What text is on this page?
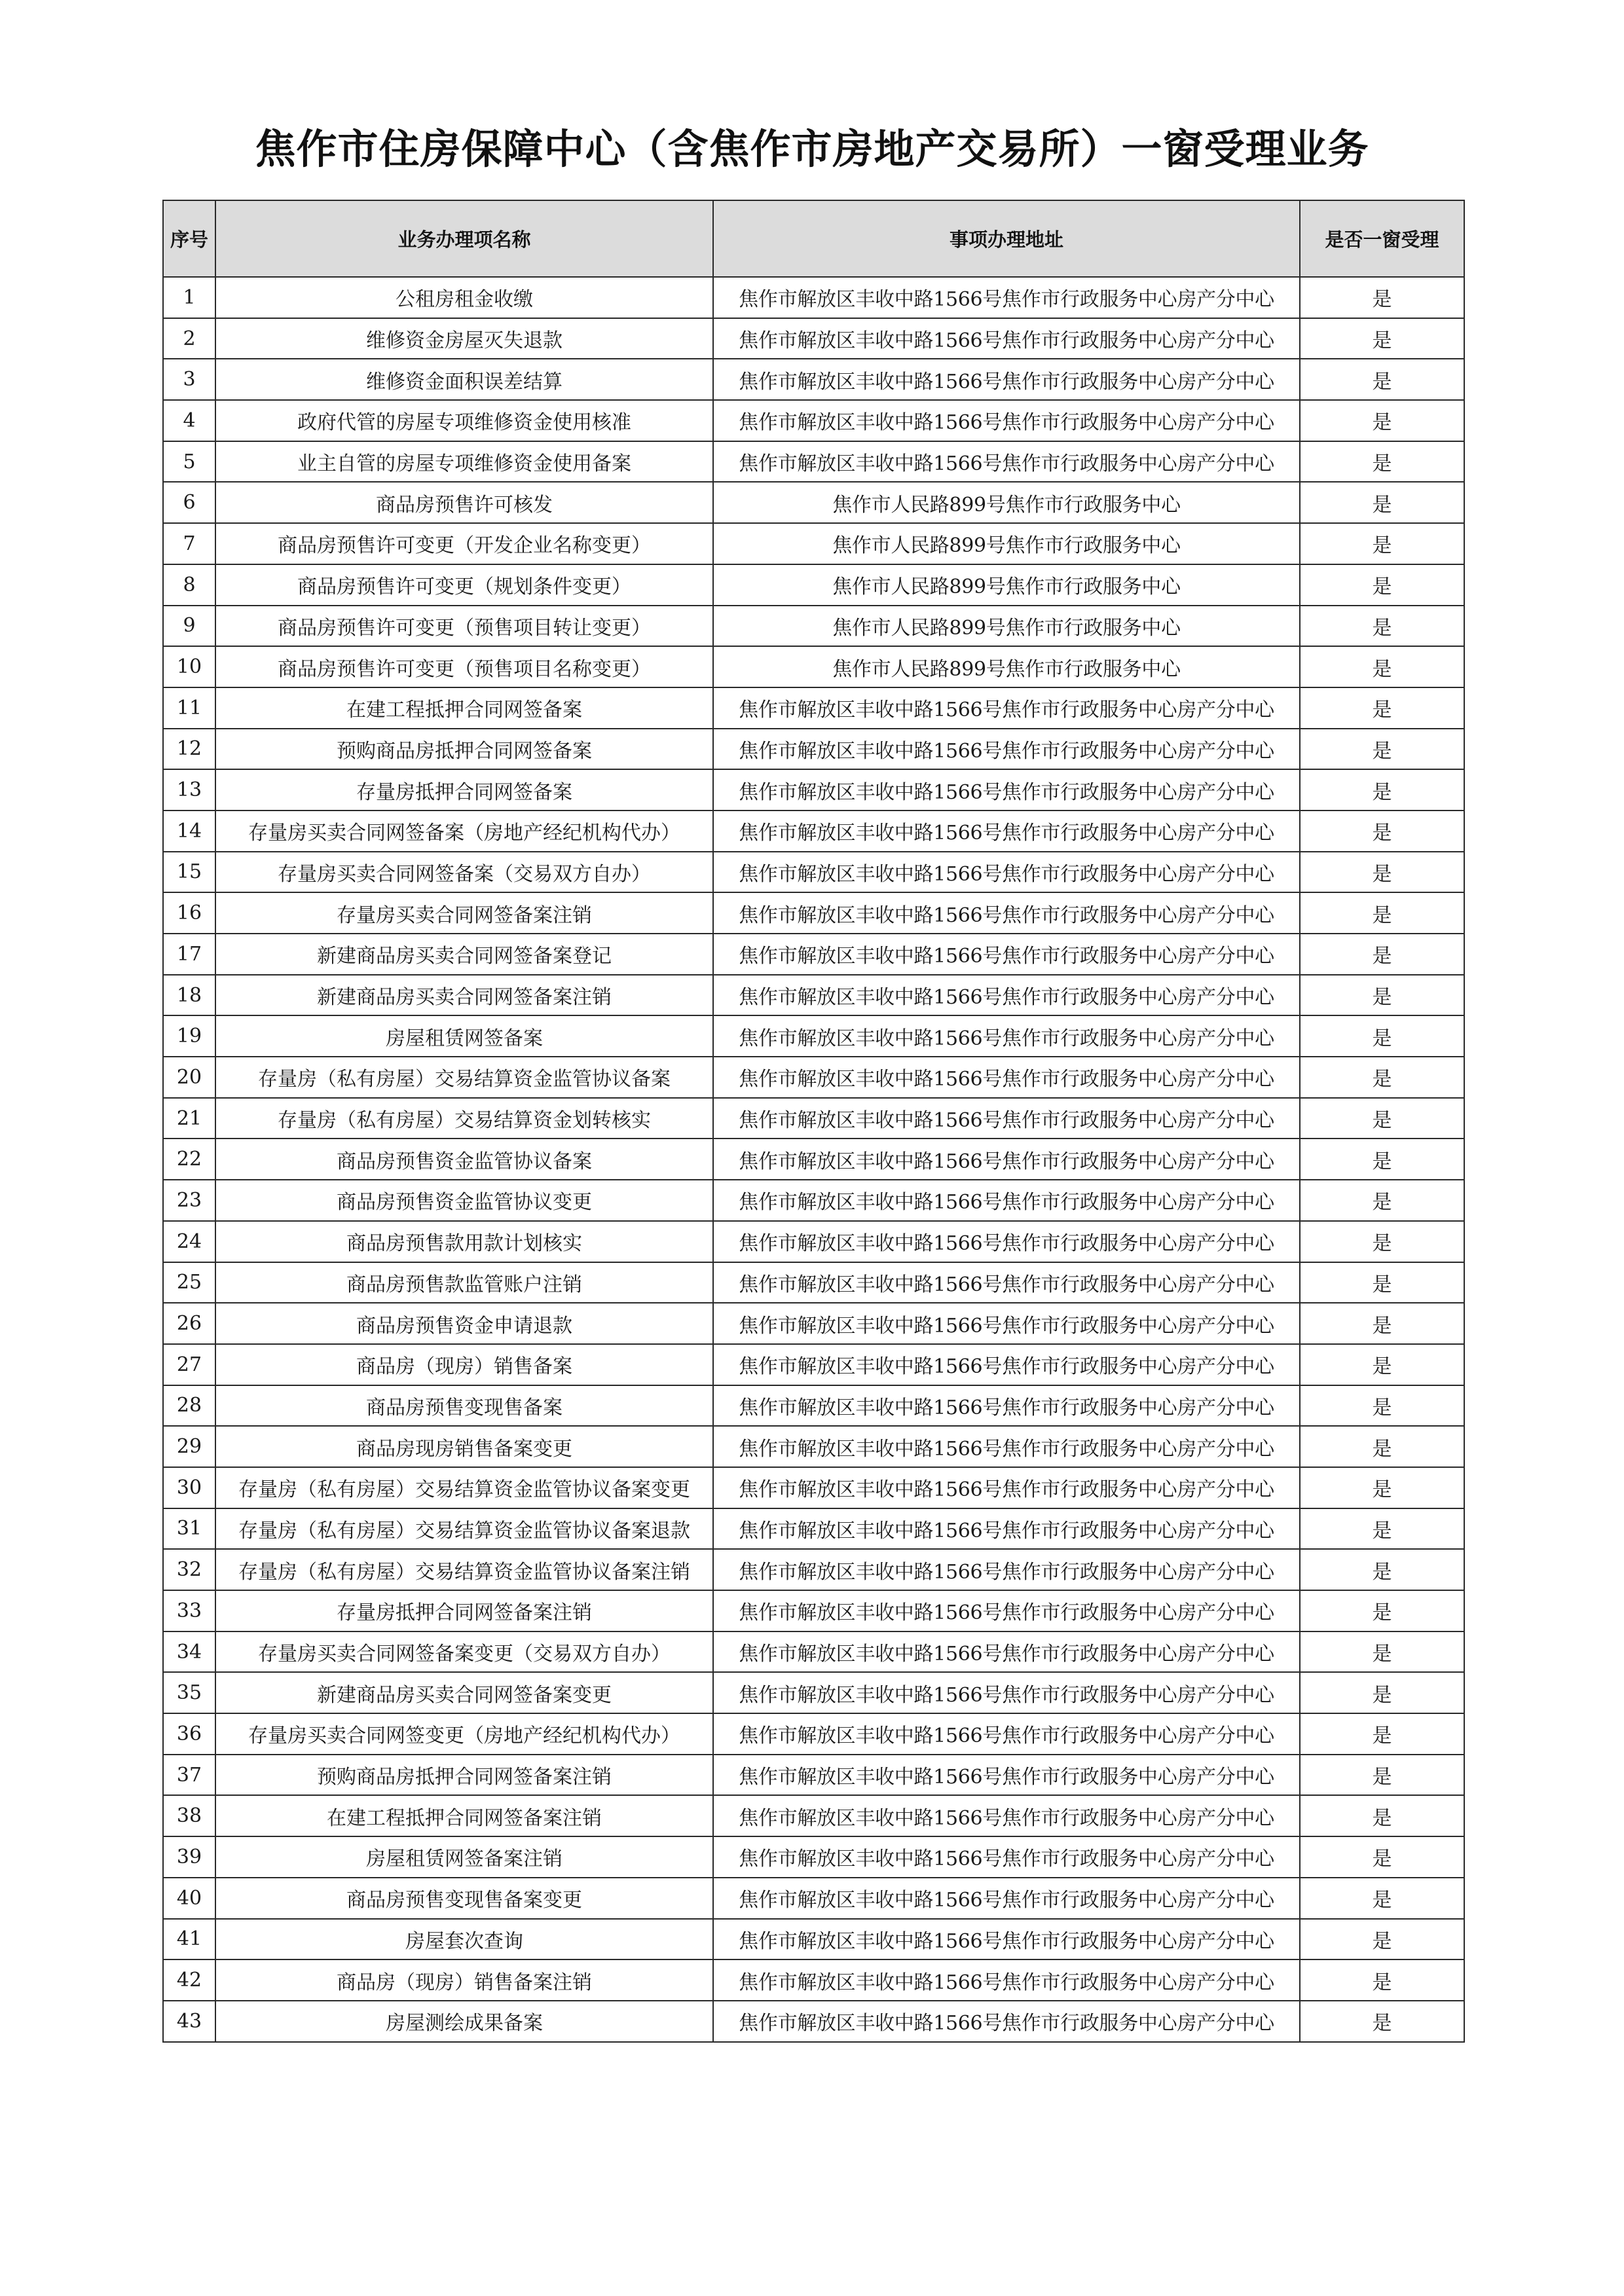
焦作市住房保障中心（含焦作市房地产交易所）一窗受理业务
序号	业务办理项名称	事项办理地址	是否一窗受理
1	公租房租金收缴	焦作市解放区丰收中路1566号焦作市行政服务中心房产分中心	是
2	维修资金房屋灭失退款	焦作市解放区丰收中路1566号焦作市行政服务中心房产分中心	是
3	维修资金面积误差结算	焦作市解放区丰收中路1566号焦作市行政服务中心房产分中心	是
4	政府代管的房屋专项维修资金使用核准	焦作市解放区丰收中路1566号焦作市行政服务中心房产分中心	是
5	业主自管的房屋专项维修资金使用备案	焦作市解放区丰收中路1566号焦作市行政服务中心房产分中心	是
6	商品房预售许可核发	焦作市人民路899号焦作市行政服务中心	是
7	商品房预售许可变更（开发企业名称变更）	焦作市人民路899号焦作市行政服务中心	是
8	商品房预售许可变更（规划条件变更）	焦作市人民路899号焦作市行政服务中心	是
9	商品房预售许可变更（预售项目转让变更）	焦作市人民路899号焦作市行政服务中心	是
10	商品房预售许可变更（预售项目名称变更）	焦作市人民路899号焦作市行政服务中心	是
11	在建工程抵押合同网签备案	焦作市解放区丰收中路1566号焦作市行政服务中心房产分中心	是
12	预购商品房抵押合同网签备案	焦作市解放区丰收中路1566号焦作市行政服务中心房产分中心	是
13	存量房抵押合同网签备案	焦作市解放区丰收中路1566号焦作市行政服务中心房产分中心	是
14	存量房买卖合同网签备案（房地产经纪机构代办）	焦作市解放区丰收中路1566号焦作市行政服务中心房产分中心	是
15	存量房买卖合同网签备案（交易双方自办）	焦作市解放区丰收中路1566号焦作市行政服务中心房产分中心	是
16	存量房买卖合同网签备案注销	焦作市解放区丰收中路1566号焦作市行政服务中心房产分中心	是
17	新建商品房买卖合同网签备案登记	焦作市解放区丰收中路1566号焦作市行政服务中心房产分中心	是
18	新建商品房买卖合同网签备案注销	焦作市解放区丰收中路1566号焦作市行政服务中心房产分中心	是
19	房屋租赁网签备案	焦作市解放区丰收中路1566号焦作市行政服务中心房产分中心	是
20	存量房（私有房屋）交易结算资金监管协议备案	焦作市解放区丰收中路1566号焦作市行政服务中心房产分中心	是
21	存量房（私有房屋）交易结算资金划转核实	焦作市解放区丰收中路1566号焦作市行政服务中心房产分中心	是
22	商品房预售资金监管协议备案	焦作市解放区丰收中路1566号焦作市行政服务中心房产分中心	是
23	商品房预售资金监管协议变更	焦作市解放区丰收中路1566号焦作市行政服务中心房产分中心	是
24	商品房预售款用款计划核实	焦作市解放区丰收中路1566号焦作市行政服务中心房产分中心	是
25	商品房预售款监管账户注销	焦作市解放区丰收中路1566号焦作市行政服务中心房产分中心	是
26	商品房预售资金申请退款	焦作市解放区丰收中路1566号焦作市行政服务中心房产分中心	是
27	商品房（现房）销售备案	焦作市解放区丰收中路1566号焦作市行政服务中心房产分中心	是
28	商品房预售变现售备案	焦作市解放区丰收中路1566号焦作市行政服务中心房产分中心	是
29	商品房现房销售备案变更	焦作市解放区丰收中路1566号焦作市行政服务中心房产分中心	是
30	存量房（私有房屋）交易结算资金监管协议备案变更	焦作市解放区丰收中路1566号焦作市行政服务中心房产分中心	是
31	存量房（私有房屋）交易结算资金监管协议备案退款	焦作市解放区丰收中路1566号焦作市行政服务中心房产分中心	是
32	存量房（私有房屋）交易结算资金监管协议备案注销	焦作市解放区丰收中路1566号焦作市行政服务中心房产分中心	是
33	存量房抵押合同网签备案注销	焦作市解放区丰收中路1566号焦作市行政服务中心房产分中心	是
34	存量房买卖合同网签备案变更（交易双方自办）	焦作市解放区丰收中路1566号焦作市行政服务中心房产分中心	是
35	新建商品房买卖合同网签备案变更	焦作市解放区丰收中路1566号焦作市行政服务中心房产分中心	是
36	存量房买卖合同网签变更（房地产经纪机构代办）	焦作市解放区丰收中路1566号焦作市行政服务中心房产分中心	是
37	预购商品房抵押合同网签备案注销	焦作市解放区丰收中路1566号焦作市行政服务中心房产分中心	是
38	在建工程抵押合同网签备案注销	焦作市解放区丰收中路1566号焦作市行政服务中心房产分中心	是
39	房屋租赁网签备案注销	焦作市解放区丰收中路1566号焦作市行政服务中心房产分中心	是
40	商品房预售变现售备案变更	焦作市解放区丰收中路1566号焦作市行政服务中心房产分中心	是
41	房屋套次查询	焦作市解放区丰收中路1566号焦作市行政服务中心房产分中心	是
42	商品房（现房）销售备案注销	焦作市解放区丰收中路1566号焦作市行政服务中心房产分中心	是
43	房屋测绘成果备案	焦作市解放区丰收中路1566号焦作市行政服务中心房产分中心	是
